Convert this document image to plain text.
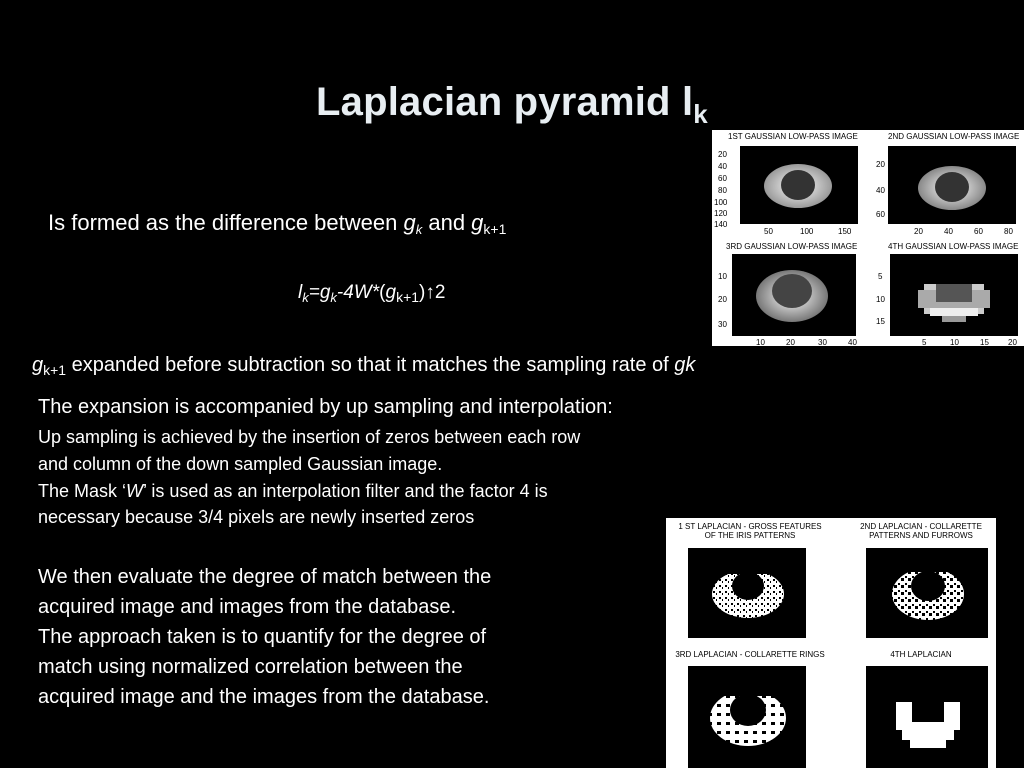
Laplacian pyramid $l_k$
Is formed as the difference between $g_k$ and $g_{k+1}$
$l_k=g_k-4W*(g_{k+1})↑2$
$g_{k+1}$ expanded before subtraction so that it matches the sampling rate of gk
The expansion is accompanied by up sampling and interpolation:
Up sampling is achieved by the insertion of zeros between each row
and column of the down sampled Gaussian image.
The Mask ‘W’ is used as an interpolation filter and the factor 4 is
necessary because 3/4 pixels are newly inserted zeros
We then evaluate the degree of match between the
acquired image and images from the database.
The approach taken is to quantify for the degree of
match using normalized correlation between the
acquired image and the images from the database.
1ST GAUSSIAN LOW-PASS IMAGE	2ND GAUSSIAN LOW-PASS IMAGE
3RD GAUSSIAN LOW-PASS IMAGE	4TH GAUSSIAN LOW-PASS IMAGE
20
40
60
80
100
120
140
50	100	150
20
40
60
20	40	60	80
10
20
30
10	20	30	40
5
10
15
5	10	15 20
1 ST LAPLACIAN - GROSS FEATURES
OF THE IRIS PATTERNS
2ND LAPLACIAN - COLLARETTE
PATTERNS AND FURROWS
3RD LAPLACIAN - COLLARETTE RINGS	4TH LAPLACIAN
